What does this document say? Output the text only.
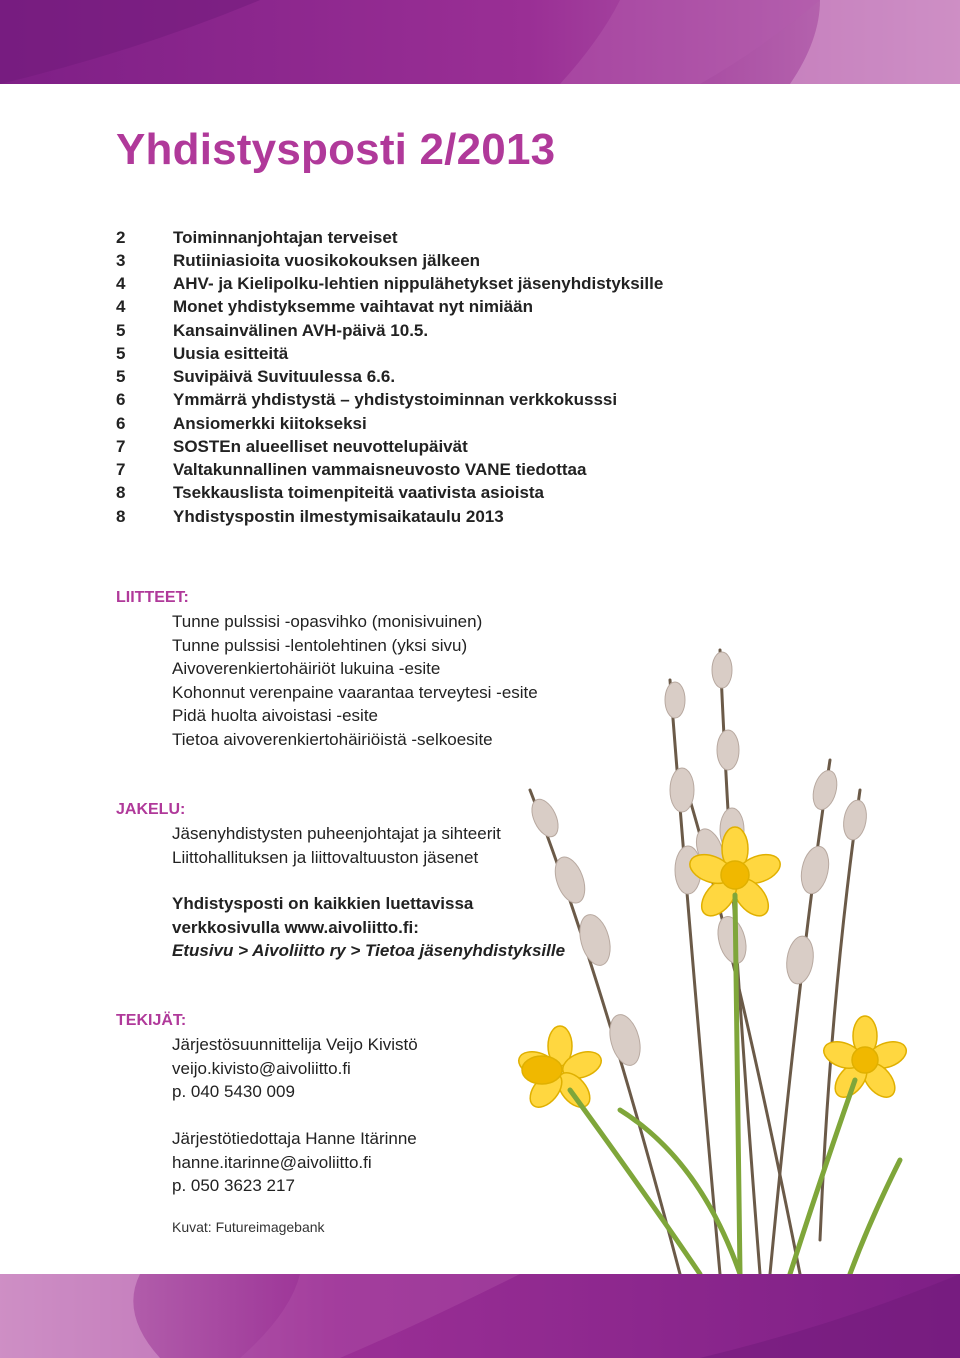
Yhdistysposti 2/2013
2	Toiminnanjohtajan terveiset
3	Rutiiniasioita vuosikokouksen jälkeen
4	AHV- ja Kielipolku-lehtien nippulähetykset jäsenyhdistyksille
4	Monet yhdistyksemme vaihtavat nyt nimiään
5	Kansainvälinen AVH-päivä 10.5.
5	Uusia esitteitä
5	Suvipäivä Suvituulessa 6.6.
6	Ymmärrä yhdistystä – yhdistystoiminnan verkkokusssi
6	Ansiomerkki kiitokseksi
7	SOSTEn alueelliset neuvottelupäivät
7	Valtakunnallinen vammaisneuvosto VANE tiedottaa
8	Tsekkauslista toimenpiteitä vaativista asioista
8	Yhdistyspostin ilmestymisaikataulu 2013

LIITTEET:

Tunne pulssisi -opasvihko (monisivuinen)
Tunne pulssisi -lentolehtinen (yksi sivu)
Aivoverenkiertohäiriöt lukuina -esite
Kohonnut verenpaine vaarantaa terveytesi -esite
Pidä huolta aivoistasi -esite
Tietoa aivoverenkiertohäiriöistä -selkoesite

JAKELU:

Jäsenyhdistysten puheenjohtajat ja sihteerit
Liittohallituksen ja liittovaltuuston jäsenet
Yhdistysposti on kaikkien luettavissa
verkkosivulla www.aivoliitto.fi:
Etusivu > Aivoliitto ry > Tietoa jäsenyhdistyksille

TEKIJÄT:

Järjestösuunnittelija Veijo Kivistö
veijo.kivisto@aivoliitto.fi
p. 040 5430 009
Järjestötiedottaja Hanne Itärinne
hanne.itarinne@aivoliitto.fi
p. 050 3623 217
Kuvat: Futureimagebank
